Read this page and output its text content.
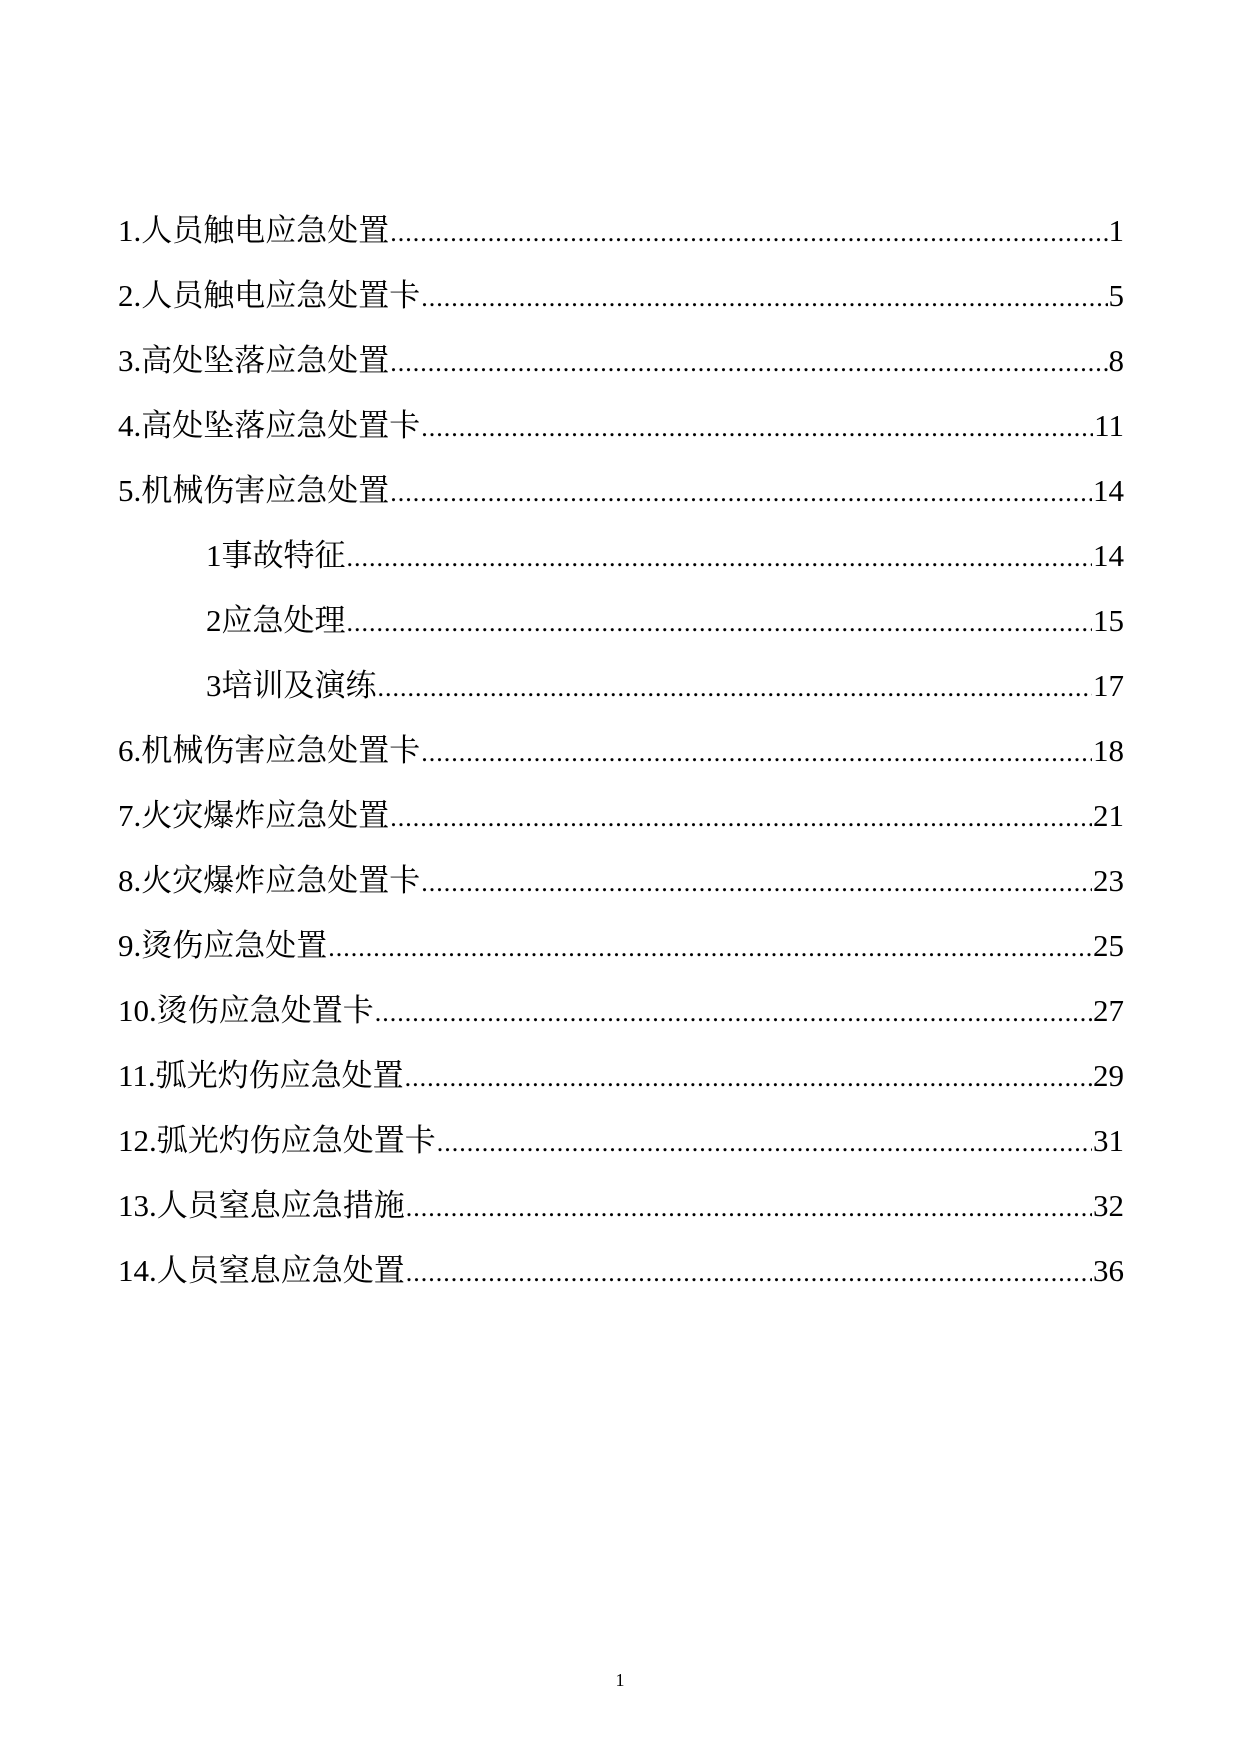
1. 人员触电应急处置 .....	1
2. 人员触电应急处置卡 .....	5
3. 高处坠落应急处置 .....	8
4. 高处坠落应急处置卡 .....	11
5. 机械伤害应急处置 .....	14
1 事故特征 .....	14
2 应急处理 .....	15
3 培训及演练 .....	17
6. 机械伤害应急处置卡 .....	18
7. 火灾爆炸应急处置 .....	21
8. 火灾爆炸应急处置卡 .....	23
9. 烫伤应急处置 .....	25
10. 烫伤应急处置卡 .....	27
11. 弧光灼伤应急处置 .....	29
12. 弧光灼伤应急处置卡 .....	31
13. 人员窒息应急措施 .....	32
14. 人员窒息应急处置 .....	36
1
